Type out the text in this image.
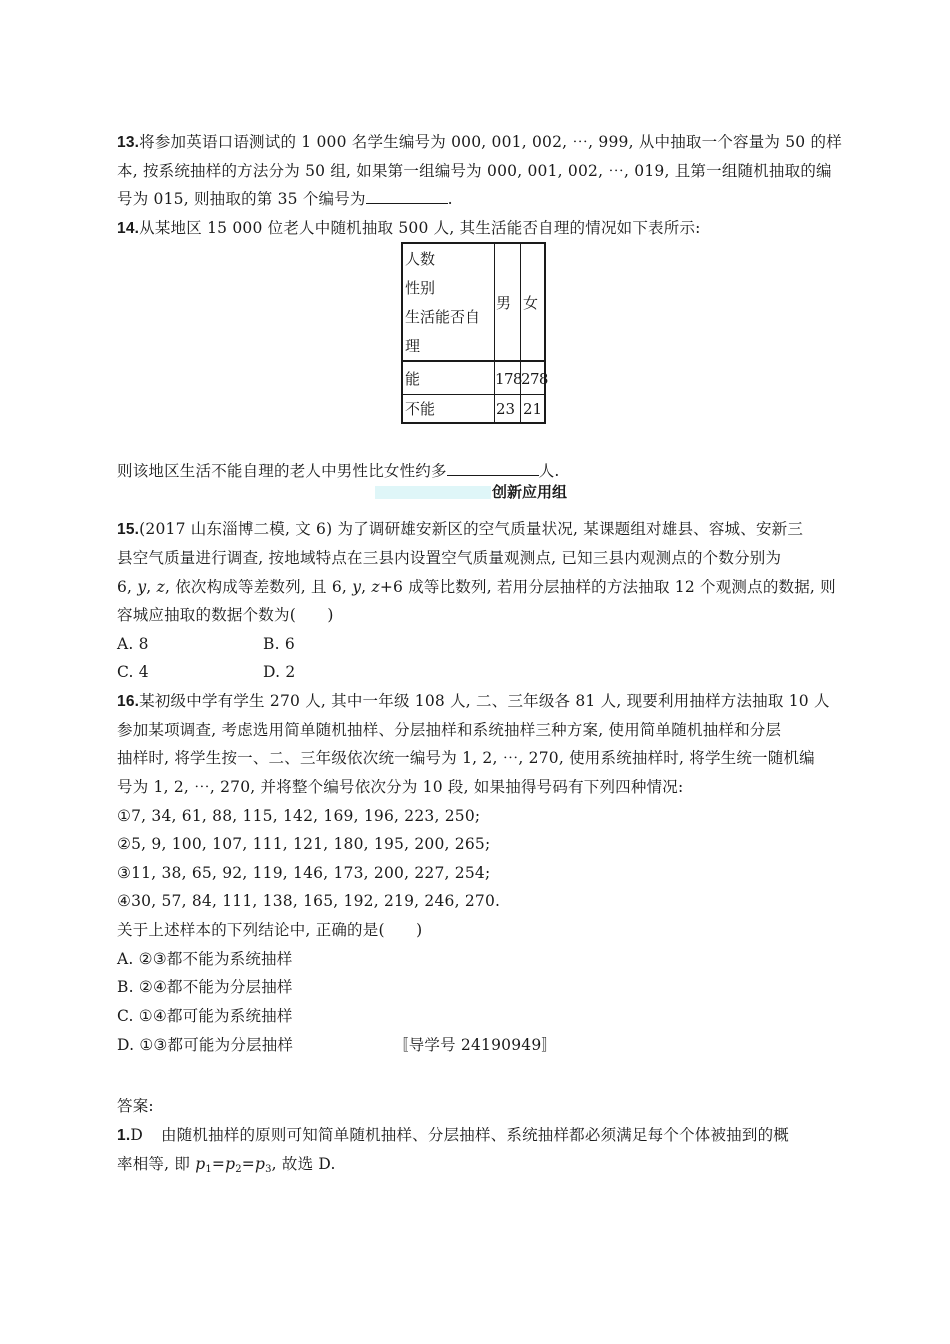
13.将参加英语口语测试的 1 000 名学生编号为 000, 001, 002, ⋯, 999, 从中抽取一个容量为 50 的样
本, 按系统抽样的方法分为 50 组, 如果第一组编号为 000, 001, 002, ⋯, 019, 且第一组随机抽取的编
号为 015, 则抽取的第 35 个编号为	.
14.从某地区 15 000 位老人中随机抽取 500 人, 其生活能否自理的情况如下表所示:
人数
性别
生活能否自
理
男 女
能	178 278
不能	23 21
则该地区生活不能自理的老人中男性比女性约多	人.
创新应用组
15.(2017 山东淄博二模, 文 6) 为了调研雄安新区的空气质量状况, 某课题组对雄县、容城、安新三
县空气质量进行调查, 按地域特点在三县内设置空气质量观测点, 已知三县内观测点的个数分别为
6, y, z, 依次构成等差数列, 且 6, y, z+6 成等比数列, 若用分层抽样的方法抽取 12 个观测点的数据, 则
容城应抽取的数据个数为(　　)
A. 8	B. 6
C. 4	D. 2
16.某初级中学有学生 270 人, 其中一年级 108 人, 二、三年级各 81 人, 现要利用抽样方法抽取 10 人
参加某项调查, 考虑选用简单随机抽样、分层抽样和系统抽样三种方案, 使用简单随机抽样和分层
抽样时, 将学生按一、二、三年级依次统一编号为 1, 2, ⋯, 270, 使用系统抽样时, 将学生统一随机编
号为 1, 2, ⋯, 270, 并将整个编号依次分为 10 段, 如果抽得号码有下列四种情况:
①7, 34, 61, 88, 115, 142, 169, 196, 223, 250;
②5, 9, 100, 107, 111, 121, 180, 195, 200, 265;
③11, 38, 65, 92, 119, 146, 173, 200, 227, 254;
④30, 57, 84, 111, 138, 165, 192, 219, 246, 270.
关于上述样本的下列结论中, 正确的是(　　)
A. ②③都不能为系统抽样
B. ②④都不能为分层抽样
C. ①④都可能为系统抽样
D. ①③都可能为分层抽样	〚导学号 24190949〛
答案:
1.D 由随机抽样的原则可知简单随机抽样、分层抽样、系统抽样都必须满足每个个体被抽到的概
率相等, 即 $p_1=p_2=p_3$, 故选 D.
